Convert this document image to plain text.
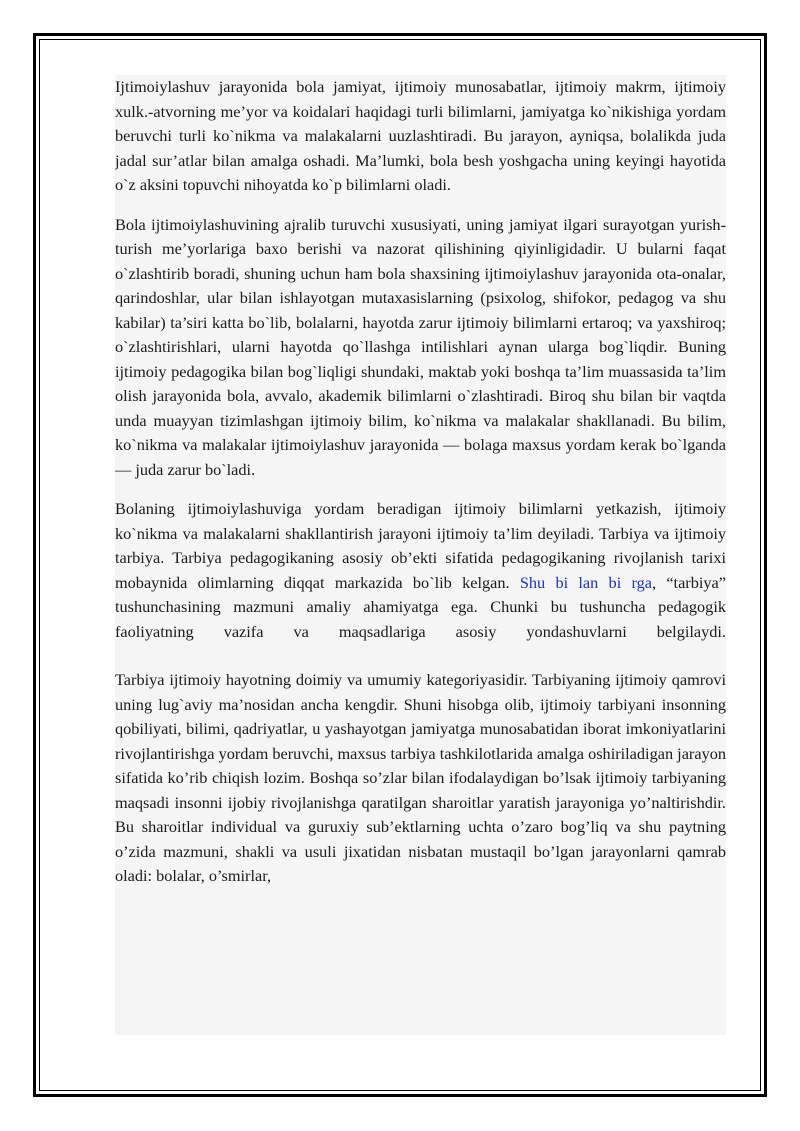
Ijtimoiylashuv jarayonida bola jamiyat, ijtimoiy munosabatlar, ijtimoiy makrm, ijtimoiy xulk.-atvorning me’yor va koidalari haqidagi turli bilimlarni, jamiyatga ko`nikishiga yordam beruvchi turli ko`nikma va malakalarni uuzlashtiradi. Bu jarayon, ayniqsa, bolalikda juda jadal sur’atlar bilan amalga oshadi. Ma’lumki, bola besh yoshgacha uning keyingi hayotida o`z aksini topuvchi nihoyatda ko`p bilimlarni oladi.

Bola ijtimoiylashuvining ajralib turuvchi xususiyati, uning jamiyat ilgari surayotgan yurish-turish me’yorlariga baxo berishi va nazorat qilishining qiyinligidadir. U bularni faqat o`zlashtirib boradi, shuning uchun ham bola shaxsining ijtimoiylashuv jarayonida ota-onalar, qarindoshlar, ular bilan ishlayotgan mutaxasislarning (psixolog, shifokor, pedagog va shu kabilar) ta’siri katta bo`lib, bolalarni, hayotda zarur ijtimoiy bilimlarni ertaroq; va yaxshiroq; o`zlashtirishlari, ularni hayotda qo`llashga intilishlari aynan ularga bog`liqdir. Buning ijtimoiy pedagogika bilan bog`liqligi shundaki, maktab yoki boshqa ta’lim muassasida ta’lim olish jarayonida bola, avvalo, akademik bilimlarni o`zlashtiradi. Biroq shu bilan bir vaqtda unda muayyan tizimlashgan ijtimoiy bilim, ko`nikma va malakalar shakllanadi. Bu bilim, ko`nikma va malakalar ijtimoiylashuv jarayonida — bolaga maxsus yordam kerak bo`lganda — juda zarur bo`ladi.

Bolaning ijtimoiylashuviga yordam beradigan ijtimoiy bilimlarni yetkazish, ijtimoiy ko`nikma va malakalarni shakllantirish jarayoni ijtimoiy ta’lim deyiladi. Tarbiya va ijtimoiy tarbiya. Tarbiya pedagogikaning asosiy ob’ekti sifatida pedagogikaning rivojlanish tarixi mobaynida olimlarning diqqat markazida bo`lib kelgan. Shu bi lan bi rga, “tarbiya” tushunchasining mazmuni amaliy ahamiyatga ega. Chunki bu tushuncha pedagogik faoliyatning vazifa va maqsadlariga asosiy yondashuvlarni belgilaydi.

Tarbiya ijtimoiy hayotning doimiy va umumiy kategoriyasidir. Tarbiyaning ijtimoiy qamrovi uning lug`aviy ma’nosidan ancha kengdir. Shuni hisobga olib, ijtimoiy tarbiyani insonning qobiliyati, bilimi, qadriyatlar, u yashayotgan jamiyatga munosabatidan iborat imkoniyatlarini rivojlantirishga yordam beruvchi, maxsus tarbiya tashkilotlarida amalga oshiriladigan jarayon sifatida ko’rib chiqish lozim. Boshqa so’zlar bilan ifodalaydigan bo’lsak ijtimoiy tarbiyaning maqsadi insonni ijobiy rivojlanishga qaratilgan sharoitlar yaratish jarayoniga yo’naltirishdir. Bu sharoitlar individual va guruxiy sub’ektlarning uchta o’zaro bog’liq va shu paytning o’zida mazmuni, shakli va usuli jixatidan nisbatan mustaqil bo’lgan jarayonlarni qamrab oladi: bolalar, o’smirlar,
